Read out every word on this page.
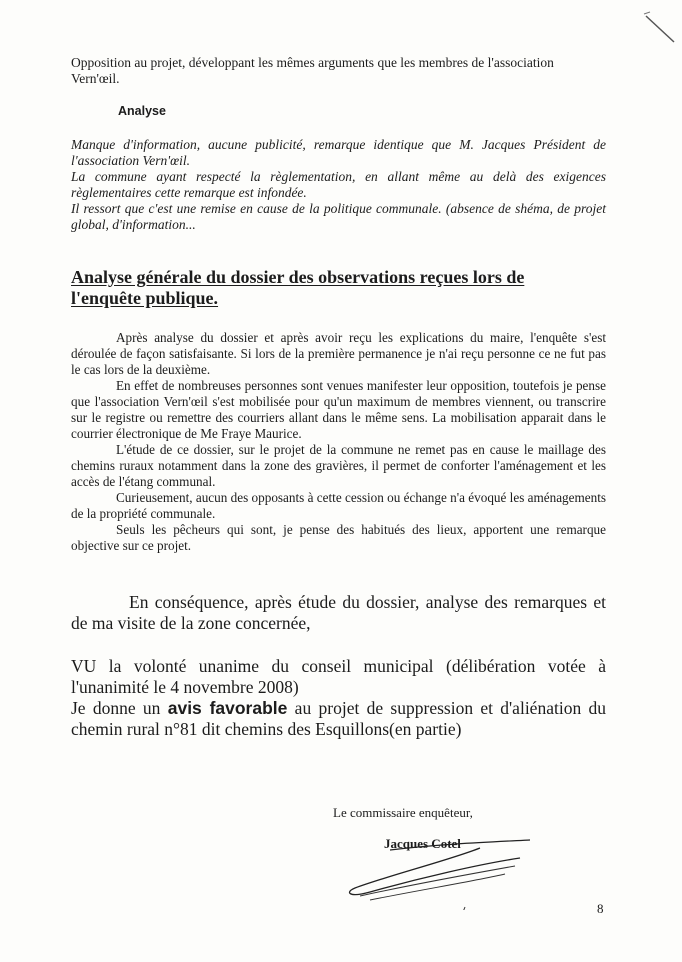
Opposition au projet, développant les mêmes arguments que les membres de l'association Vern'œil.

Analyse
Manque d'information, aucune publicité, remarque identique que M. Jacques Président de l'association Vern'œil.
La commune ayant respecté la règlementation, en allant même au delà des exigences règlementaires cette remarque est infondée.
Il ressort que c'est une remise en cause de la politique communale. (absence de shéma, de projet global, d'information...
Analyse générale du dossier des observations reçues lors de l'enquête publique.

Après analyse du dossier et après avoir reçu les explications du maire, l'enquête s'est déroulée de façon satisfaisante. Si lors de la première permanence je n'ai reçu personne ce ne fut pas le cas lors de la deuxième.

En effet de nombreuses personnes sont venues manifester leur opposition, toutefois je pense que l'association Vern'œil s'est mobilisée pour qu'un maximum de membres viennent, ou transcrire sur le registre ou remettre des courriers allant dans le même sens. La mobilisation apparait dans le courrier électronique de Me Fraye Maurice.

L'étude de ce dossier, sur le projet de la commune ne remet pas en cause le maillage des chemins ruraux notamment dans la zone des gravières, il permet de conforter l'aménagement et les accès de l'étang communal.

Curieusement, aucun des opposants à cette cession ou échange n'a évoqué les aménagements de la propriété communale.

Seuls les pêcheurs qui sont, je pense des habitués des lieux, apportent une remarque objective sur ce projet.

En conséquence, après étude du dossier, analyse des remarques et de ma visite de la zone concernée,

VU la volonté unanime du conseil municipal (délibération votée à l'unanimité le 4 novembre 2008)

Je donne un avis favorable au projet de suppression et d'aliénation du chemin rural n°81 dit chemins des Esquillons(en partie)

Le commissaire enquêteur,
Jacques Cotel
8
